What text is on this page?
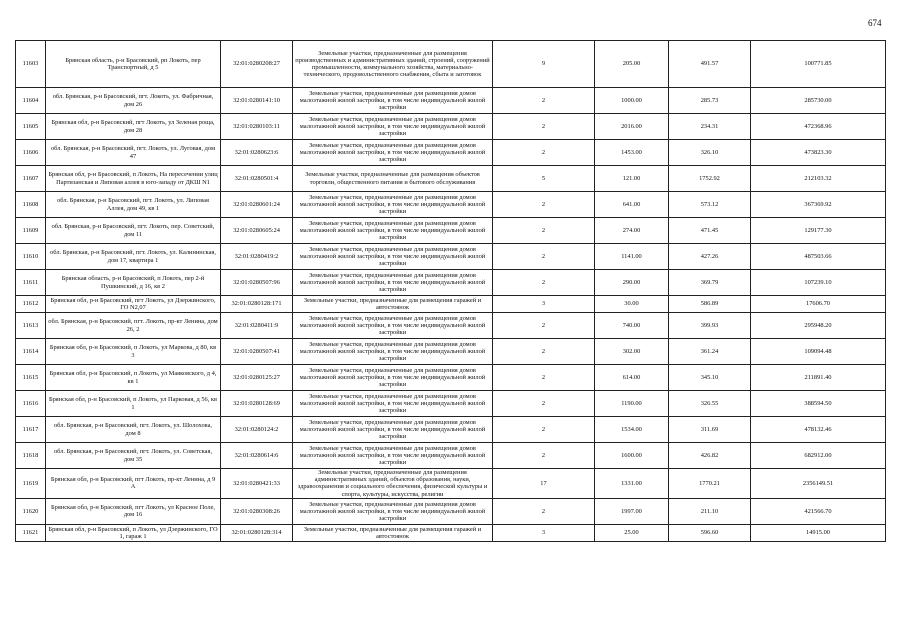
674
11603	Брянская область, р-н Брасовский, рп Локоть, пер Транспортный, д 5	32:01:0280208:27	Земельные участки, предназначенные для размещения производственных и административных зданий, строений, сооружений промышленности, коммунального хозяйства, материально-технического, продовольственного снабжения, сбыта и заготовок	9	205.00	491.57	100771.85
11604	обл. Брянская, р-н Брасовский, пгт. Локоть, ул. Фабричная, дом 26	32:01:0280141:10	Земельные участки, предназначенные для размещения домов малоэтажной жилой застройки, в том числе индивидуальной жилой застройки	2	1000.00	285.73	285730.00
11605	Брянская обл, р-н Брасовский, пгт Локоть, ул Зеленая роща, дом 28	32:01:0280103:11	Земельные участки, предназначенные для размещения домов малоэтажной жилой застройки, в том числе индивидуальной жилой застройки	2	2016.00	234.31	472368.96
11606	обл. Брянская, р-н Брасовский, пгт. Локоть, ул. Луговая, дом 47	32:01:0280623:6	Земельные участки, предназначенные для размещения домов малоэтажной жилой застройки, в том числе индивидуальной жилой застройки	2	1453.00	326.10	473823.30
11607	Брянская обл, р-н Брасовский, п Локоть, На пересечении улиц Партизанская и Липовая аллея в юго-западу от ДКШ N1	32:01:0280501:4	Земельные участки, предназначенные для размещения объектов торговли, общественного питания и бытового обслуживания	5	121.00	1752.92	212103.32
11608	обл. Брянская, р-н Брасовский, пгт. Локоть, ул. Липовая Аллея, дом 49, кв 1	32:01:0280601:24	Земельные участки, предназначенные для размещения домов малоэтажной жилой застройки, в том числе индивидуальной жилой застройки	2	641.00	573.12	367369.92
11609	обл. Брянская, р-н Брасовский, пгт. Локоть, пер. Советский, дом 11	32:01:0280605:24	Земельные участки, предназначенные для размещения домов малоэтажной жилой застройки, в том числе индивидуальной жилой застройки	2	274.00	471.45	129177.30
11610	обл. Брянская, р-н Брасовский, пгт. Локоть, ул. Калининская, дом 17, квартира 1	32:01:0280419:2	Земельные участки, предназначенные для размещения домов малоэтажной жилой застройки, в том числе индивидуальной жилой застройки	2	1141.00	427.26	487503.66
11611	Брянская область, р-н Брасовский, п Локоть, пер 2-й Пушкинский, д 16, кв 2	32:01:0280507:96	Земельные участки, предназначенные для размещения домов малоэтажной жилой застройки, в том числе индивидуальной жилой застройки	2	290.00	369.79	107239.10
11612	Брянская обл, р-н Брасовский, пгт Локоть, ул Дзержинского, ГО N2,07	32:01:0280128:171	Земельные участки, предназначенные для размещения гаражей и автостоянок	3	30.00	586.89	17606.70
11613	обл. Брянская, р-н Брасовский, пгт. Локоть, пр-кт Ленина, дом 26, 2	32:01:0280411:9	Земельные участки, предназначенные для размещения домов малоэтажной жилой застройки, в том числе индивидуальной жилой застройки	2	740.00	399.93	295948.20
11614	Брянская обл, р-н Брасовский, п Локоть, ул Маркова, д 80, кв 3	32:01:0280507:41	Земельные участки, предназначенные для размещения домов малоэтажной жилой застройки, в том числе индивидуальной жилой застройки	2	302.00	361.24	109094.48
11615	Брянская обл, р-н Брасовский, п Локоть, ул Маяковского, д 4, кв 1	32:01:0280125:27	Земельные участки, предназначенные для размещения домов малоэтажной жилой застройки, в том числе индивидуальной жилой застройки	2	614.00	345.10	211891.40
11616	Брянская обл, р-н Брасовский, п Локоть, ул Парковая, д 56, кв 1	32:01:0280128:69	Земельные участки, предназначенные для размещения домов малоэтажной жилой застройки, в том числе индивидуальной жилой застройки	2	1190.00	326.55	388594.50
11617	обл. Брянская, р-н Брасовский, пгт. Локоть, ул. Шолохова, дом 8	32:01:0280124:2	Земельные участки, предназначенные для размещения домов малоэтажной жилой застройки, в том числе индивидуальной жилой застройки	2	1534.00	311.69	478132.46
11618	обл. Брянская, р-н Брасовский, пгт. Локоть, ул. Советская, дом 35	32:01:0280614:6	Земельные участки, предназначенные для размещения домов малоэтажной жилой застройки, в том числе индивидуальной жилой застройки	2	1600.00	426.82	682912.00
11619	Брянская обл, р-н Брасовский, пгт Локоть, пр-кт Ленина, д 9 А	32:01:0280421:33	Земельные участки, предназначенные для размещения административных зданий, объектов образования, науки, здравоохранения и социального обеспечения, физической культуры и спорта, культуры, искусства, религии	17	1331.00	1770.21	2356149.51
11620	Брянская обл, р-н Брасовский, пгт Локоть, ул Красное Поле, дом 16	32:01:0280308:26	Земельные участки, предназначенные для размещения домов малоэтажной жилой застройки, в том числе индивидуальной жилой застройки	2	1997.00	211.10	421566.70
11621	Брянская обл, р-н Брасовский, п Локоть, ул Дзержинского, ГО 1, гараж 1	32:01:0280128:314	Земельные участки, предназначенные для размещения гаражей и автостоянок	3	25.00	596.60	14915.00
